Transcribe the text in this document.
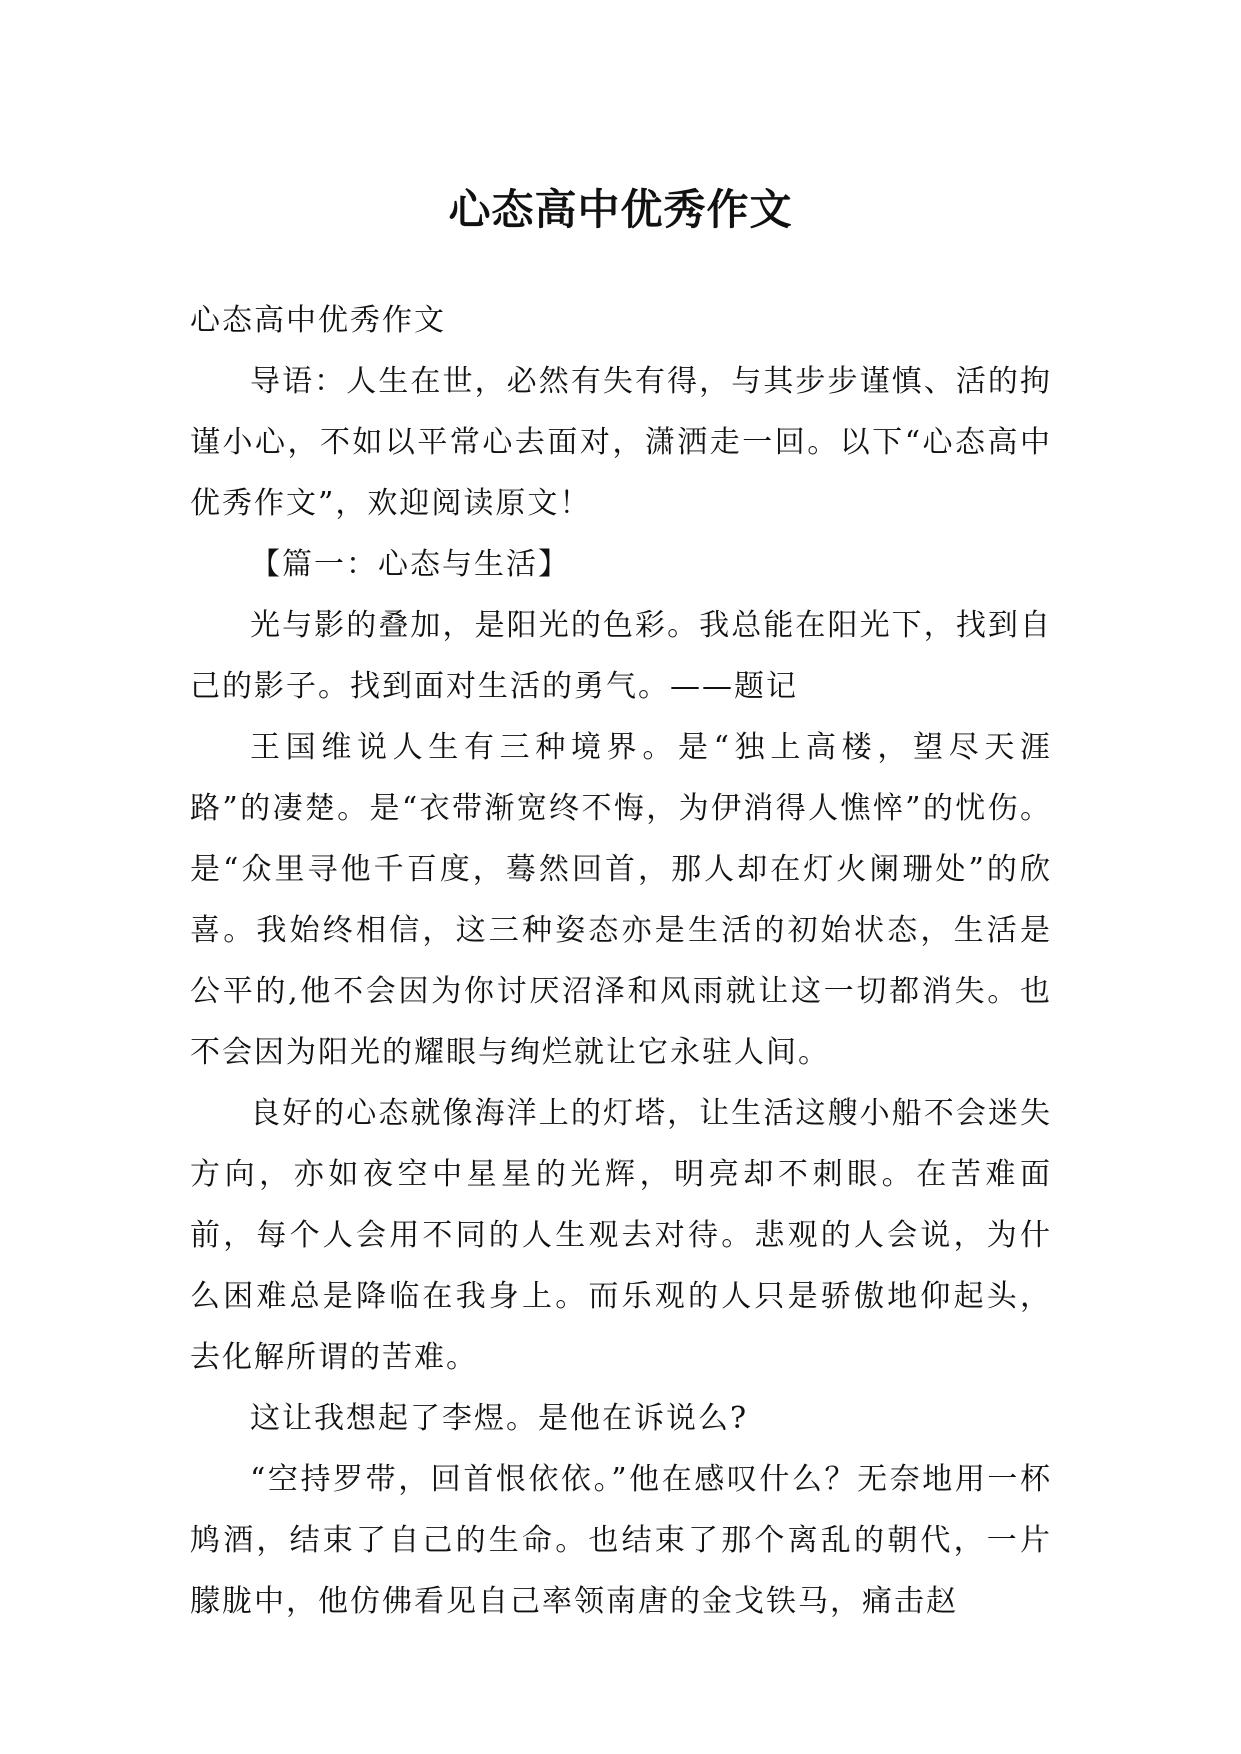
心态高中优秀作文

心态高中优秀作文

导语：人生在世，必然有失有得，与其步步谨慎、活的拘谨小心，不如以平常心去面对，潇洒走一回。以下“心态高中优秀作文”，欢迎阅读原文！

【篇一：心态与生活】

光与影的叠加，是阳光的色彩。我总能在阳光下，找到自己的影子。找到面对生活的勇气。——题记

王国维说人生有三种境界。是“独上高楼，望尽天涯路”的凄楚。是“衣带渐宽终不悔，为伊消得人憔悴”的忧伤。是“众里寻他千百度，蓦然回首，那人却在灯火阑珊处”的欣喜。我始终相信，这三种姿态亦是生活的初始状态，生活是公平的,他不会因为你讨厌沼泽和风雨就让这一切都消失。也不会因为阳光的耀眼与绚烂就让它永驻人间。

良好的心态就像海洋上的灯塔，让生活这艘小船不会迷失方向，亦如夜空中星星的光辉，明亮却不刺眼。在苦难面前，每个人会用不同的人生观去对待。悲观的人会说，为什么困难总是降临在我身上。而乐观的人只是骄傲地仰起头，去化解所谓的苦难。

这让我想起了李煜。是他在诉说么?

“空持罗带，回首恨依依。”他在感叹什么？无奈地用一杯鸠酒，结束了自己的生命。也结束了那个离乱的朝代，一片朦胧中，他仿佛看见自己率领南唐的金戈铁马，痛击赵
